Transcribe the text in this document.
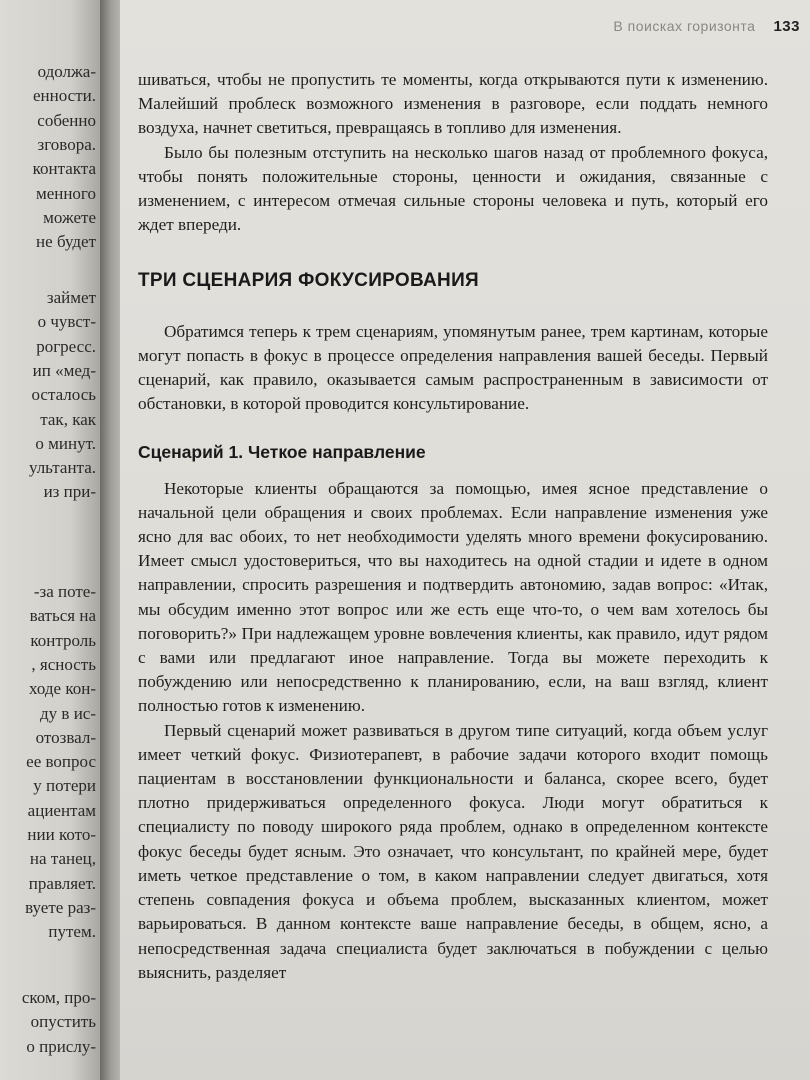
одолжа-
енности.
собенно
зговора.
контакта
менного
можете
не будет
займет
о чувст-
рогресс.
ип «мед-
осталось
так, как
о минут.
ультанта.
из при-
-за поте-
ваться на
контроль
, ясность
ходе кон-
ду в ис-
отозвал-
ее вопрос
у потери
ациентам
нии кото-
на танец,
правляет.
вуете раз-
путем.
ском, про-
опустить
о прислу-
В поисках горизонта 133

шиваться, чтобы не пропустить те моменты, когда открываются пути к изменению. Малейший проблеск возможного изменения в разговоре, если поддать немного воздуха, начнет светиться, превращаясь в топливо для изменения.

Было бы полезным отступить на несколько шагов назад от проблемного фокуса, чтобы понять положительные стороны, ценности и ожидания, связанные с изменением, с интересом отмечая сильные стороны человека и путь, который его ждет впереди.

ТРИ СЦЕНАРИЯ ФОКУСИРОВАНИЯ

Обратимся теперь к трем сценариям, упомянутым ранее, трем картинам, которые могут попасть в фокус в процессе определения направления вашей беседы. Первый сценарий, как правило, оказывается самым распространенным в зависимости от обстановки, в которой проводится консультирование.

Сценарий 1. Четкое направление

Некоторые клиенты обращаются за помощью, имея ясное представление о начальной цели обращения и своих проблемах. Если направление изменения уже ясно для вас обоих, то нет необходимости уделять много времени фокусированию. Имеет смысл удостовериться, что вы находитесь на одной стадии и идете в одном направлении, спросить разрешения и подтвердить автономию, задав вопрос: «Итак, мы обсудим именно этот вопрос или же есть еще что-то, о чем вам хотелось бы поговорить?» При надлежащем уровне вовлечения клиенты, как правило, идут рядом с вами или предлагают иное направление. Тогда вы можете переходить к побуждению или непосредственно к планированию, если, на ваш взгляд, клиент полностью готов к изменению.

Первый сценарий может развиваться в другом типе ситуаций, когда объем услуг имеет четкий фокус. Физиотерапевт, в рабочие задачи которого входит помощь пациентам в восстановлении функциональности и баланса, скорее всего, будет плотно придерживаться определенного фокуса. Люди могут обратиться к специалисту по поводу широкого ряда проблем, однако в определенном контексте фокус беседы будет ясным. Это означает, что консультант, по крайней мере, будет иметь четкое представление о том, в каком направлении следует двигаться, хотя степень совпадения фокуса и объема проблем, высказанных клиентом, может варьироваться. В данном контексте ваше направление беседы, в общем, ясно, а непосредственная задача специалиста будет заключаться в побуждении с целью выяснить, разделяет
